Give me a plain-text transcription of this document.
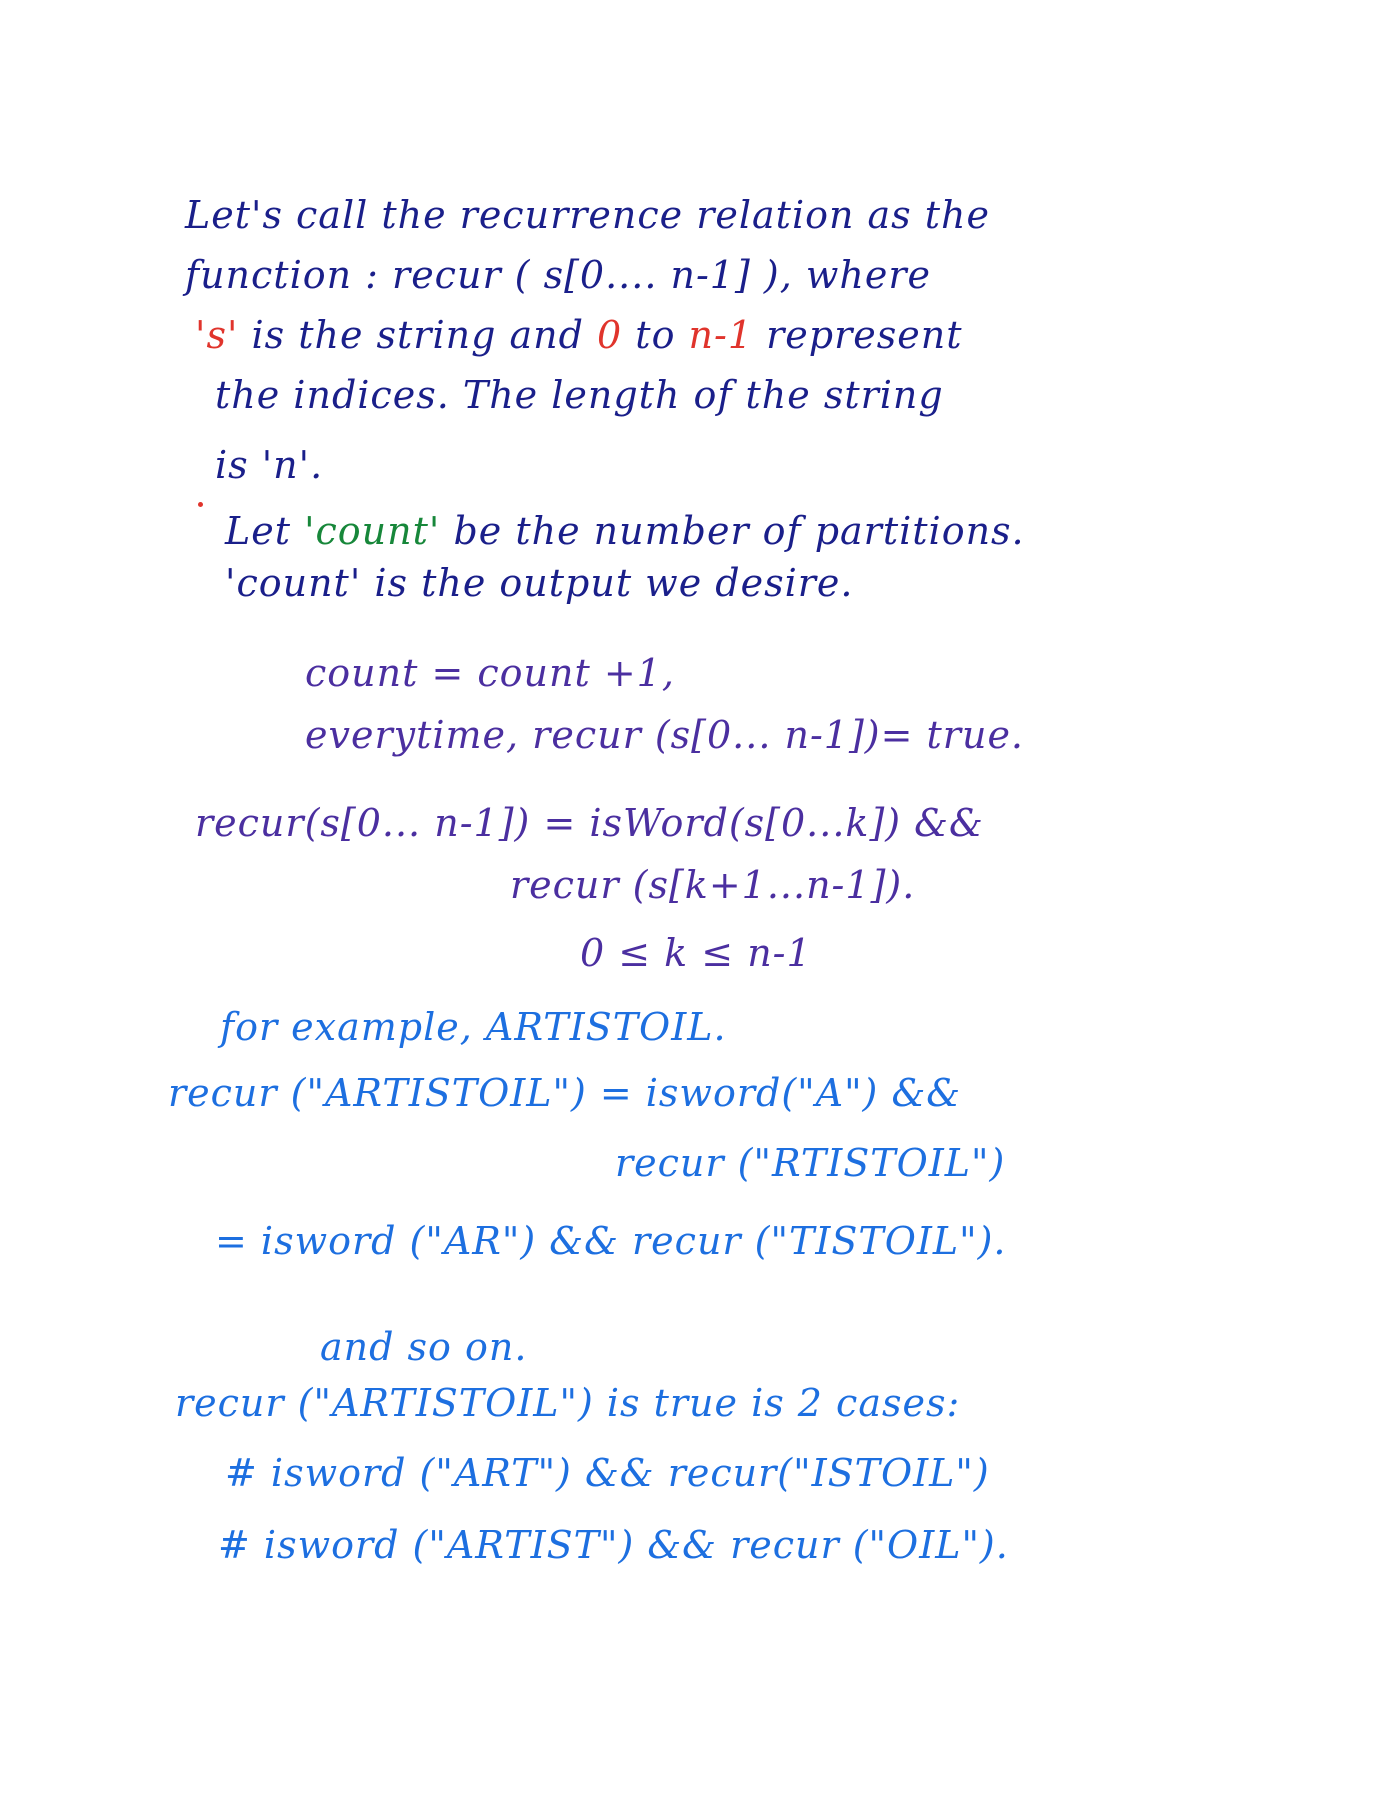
Let's call the recurrence relation as the
function : recur ( s[0.... n-1] ), where
's' is the string and 0 to n-1 represent
the indices. The length of the string
is 'n'.
Let 'count' be the number of partitions.
'count' is the output we desire.
count = count +1,
everytime, recur (s[0... n-1])= true.
recur(s[0... n-1]) = isWord(s[0...k]) &&
recur (s[k+1...n-1]).
0 ≤ k ≤ n-1
for example, ARTISTOIL.
recur ("ARTISTOIL") = isword("A") &&
recur ("RTISTOIL")
= isword ("AR") && recur ("TISTOIL").
and so on.
recur ("ARTISTOIL") is true is 2 cases:
# isword ("ART") && recur("ISTOIL")
# isword ("ARTIST") && recur ("OIL").
